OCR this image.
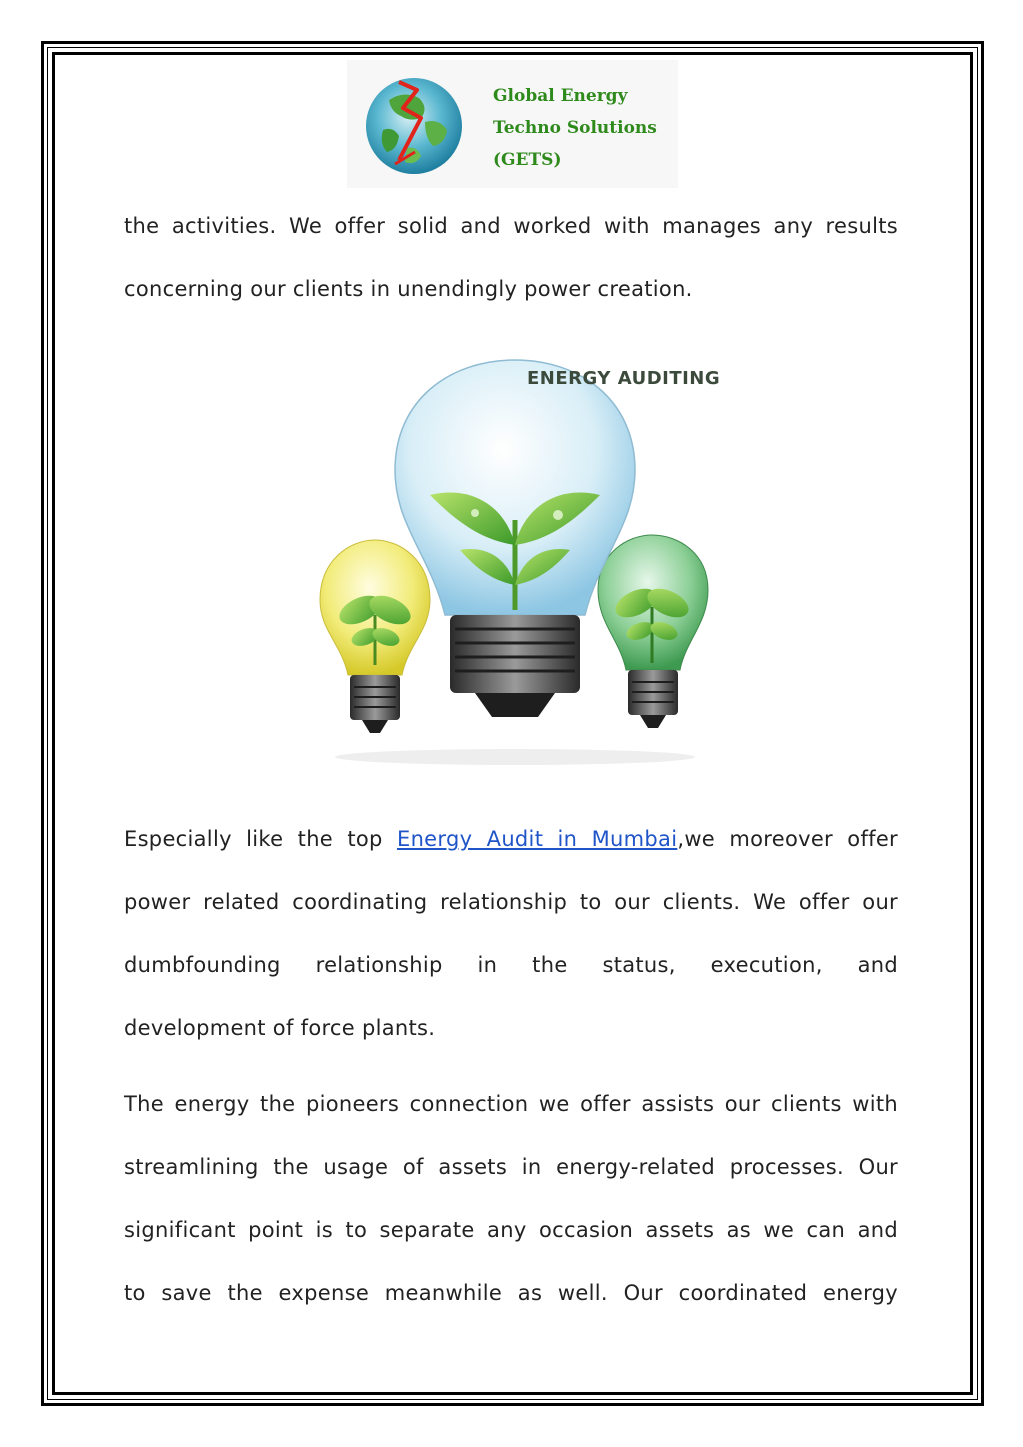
Global Energy
Techno Solutions
(GETS)
the activities. We offer solid and worked with manages any results
concerning our clients in unendingly power creation.
ENERGY AUDITING
Especially like the top Energy Audit in Mumbai,we moreover offer
power related coordinating relationship to our clients. We offer our
dumbfounding relationship in the status, execution, and
development of force plants.
The energy the pioneers connection we offer assists our clients with
streamlining the usage of assets in energy-related processes. Our
significant point is to separate any occasion assets as we can and
to save the expense meanwhile as well. Our coordinated energy
